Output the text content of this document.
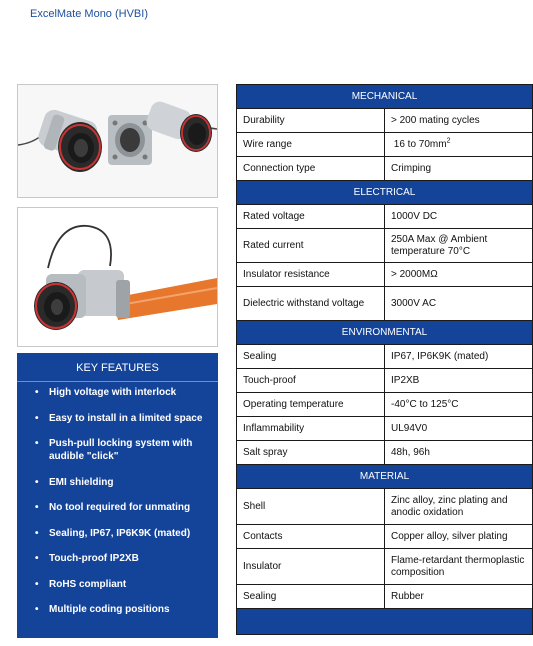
ExcelMate Mono (HVBI)
KEY FEATURES
• High voltage with interlock
• Easy to install in a limited space
• Push-pull locking system with audible "click"
• EMI shielding
• No tool required for unmating
• Sealing, IP67, IP6K9K (mated)
• Touch-proof IP2XB
• RoHS compliant
• Multiple coding positions
MECHANICAL	
Durability	> 200 mating cycles
Wire range	16 to $70mm^2$
Connection type	Crimping
ELECTRICAL	
Rated voltage	1000V DC
Rated current	250A Max @ Ambient temperature 70°C
Insulator resistance	> 2000MΩ
Dielectric withstand voltage	3000V AC
ENVIRONMENTAL	
Sealing	IP67, IP6K9K (mated)
Touch-proof	IP2XB
Operating temperature	-40°C to 125°C
Inflammability	UL94V0
Salt spray	48h, 96h
MATERIAL	
Shell	Zinc alloy, zinc plating and anodic oxidation
Contacts	Copper alloy, silver plating
Insulator	Flame-retardant thermoplastic composition
Sealing	Rubber
